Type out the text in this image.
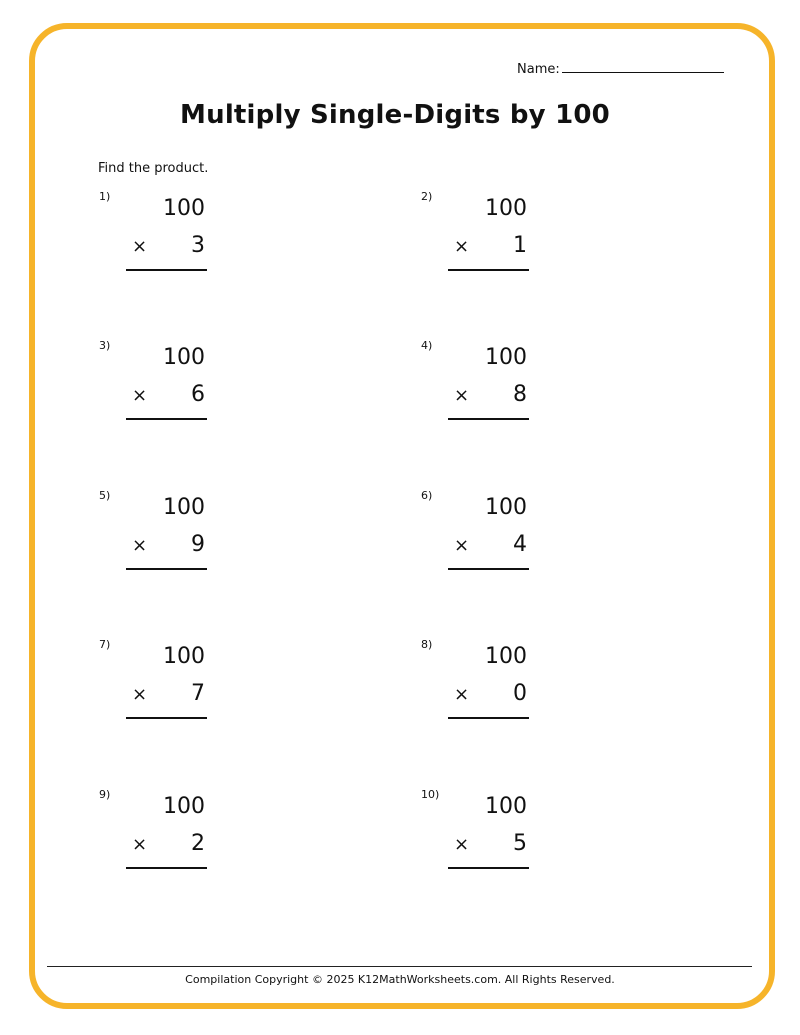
Name:
Multiply Single-Digits by 100
Find the product.
1)	100
×	3
2)	100
×	1
3)	100
×	6
4)	100
×	8
5)	100
×	9
6)	100
×	4
7)	100
×	7
8)	100
×	0
9)	100
×	2
10)	100
×	5
Compilation Copyright © 2025 K12MathWorksheets.com. All Rights Reserved.
